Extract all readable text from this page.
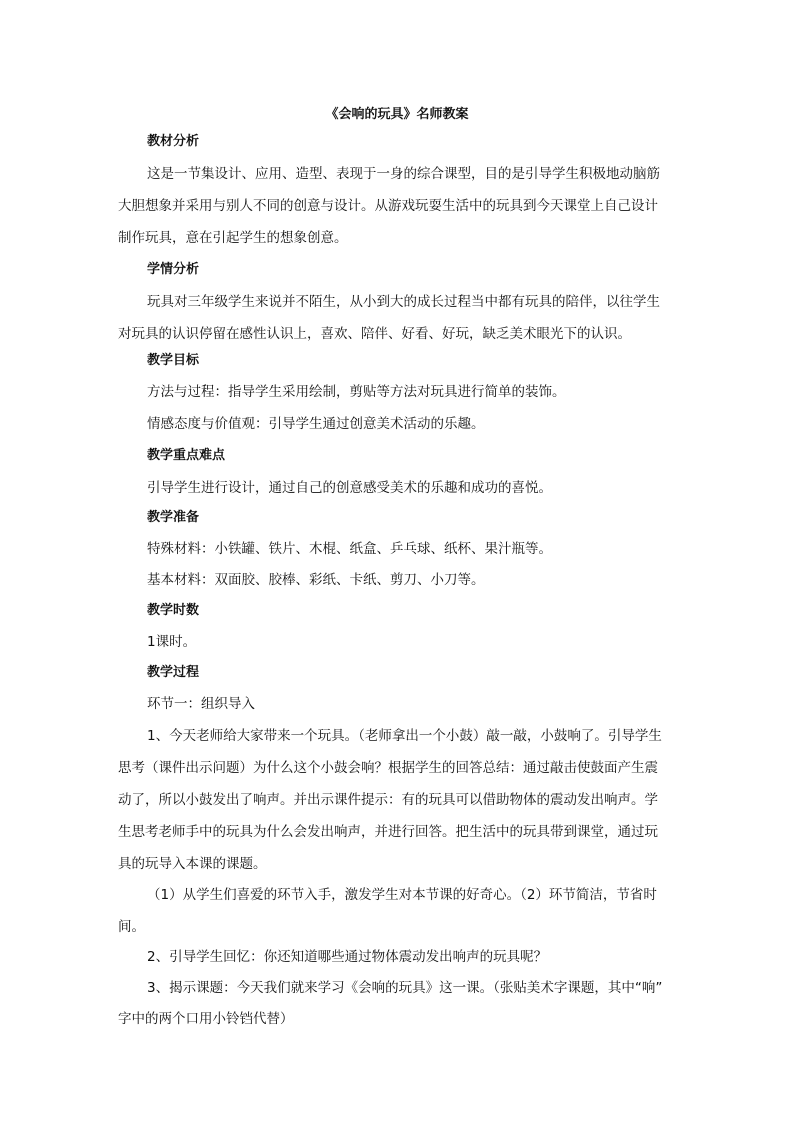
《会响的玩具》名师教案
教材分析
这是一节集设计、应用、造型、表现于一身的综合课型，目的是引导学生积极地动脑筋
大胆想象并采用与别人不同的创意与设计。从游戏玩耍生活中的玩具到今天课堂上自己设计
制作玩具，意在引起学生的想象创意。
学情分析
玩具对三年级学生来说并不陌生，从小到大的成长过程当中都有玩具的陪伴，以往学生
对玩具的认识停留在感性认识上，喜欢、陪伴、好看、好玩，缺乏美术眼光下的认识。
教学目标
方法与过程：指导学生采用绘制，剪贴等方法对玩具进行简单的装饰。
情感态度与价值观：引导学生通过创意美术活动的乐趣。
教学重点难点
引导学生进行设计，通过自己的创意感受美术的乐趣和成功的喜悦。
教学准备
特殊材料：小铁罐、铁片、木棍、纸盒、乒乓球、纸杯、果汁瓶等。
基本材料：双面胶、胶棒、彩纸、卡纸、剪刀、小刀等。
教学时数
1课时。
教学过程
环节一：组织导入
1、今天老师给大家带来一个玩具。（老师拿出一个小鼓）敲一敲，小鼓响了。引导学生
思考（课件出示问题）为什么这个小鼓会响？根据学生的回答总结：通过敲击使鼓面产生震
动了，所以小鼓发出了响声。并出示课件提示：有的玩具可以借助物体的震动发出响声。学
生思考老师手中的玩具为什么会发出响声，并进行回答。把生活中的玩具带到课堂，通过玩
具的玩导入本课的课题。
（1）从学生们喜爱的环节入手，激发学生对本节课的好奇心。（2）环节简洁，节省时
间。
2、引导学生回忆：你还知道哪些通过物体震动发出响声的玩具呢？
3、揭示课题：今天我们就来学习《会响的玩具》这一课。（张贴美术字课题，其中“响”
字中的两个口用小铃铛代替）
